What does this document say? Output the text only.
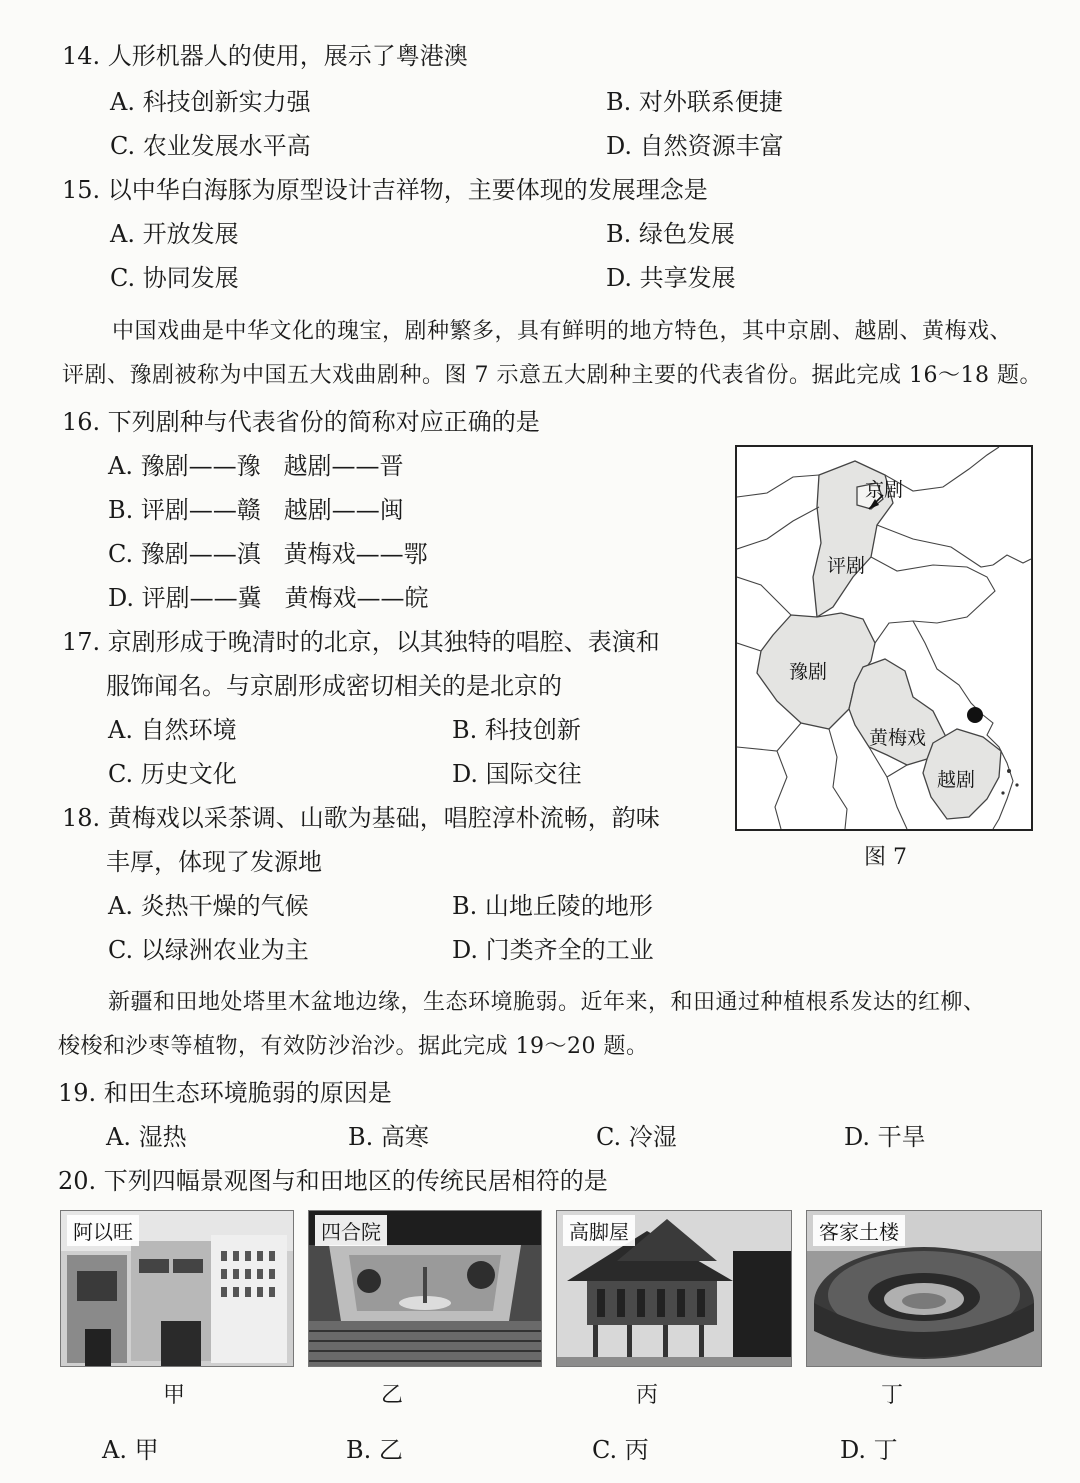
14. 人形机器人的使用，展示了粤港澳
A. 科技创新实力强	B. 对外联系便捷
C. 农业发展水平高	D. 自然资源丰富
15. 以中华白海豚为原型设计吉祥物，主要体现的发展理念是
A. 开放发展	B. 绿色发展
C. 协同发展	D. 共享发展
中国戏曲是中华文化的瑰宝，剧种繁多，具有鲜明的地方特色，其中京剧、越剧、黄梅戏、
评剧、豫剧被称为中国五大戏曲剧种。图 7 示意五大剧种主要的代表省份。据此完成 16～18 题。
16. 下列剧种与代表省份的简称对应正确的是
A. 豫剧——豫   越剧——晋
B. 评剧——赣   越剧——闽
C. 豫剧——滇   黄梅戏——鄂
D. 评剧——冀   黄梅戏——皖
17. 京剧形成于晚清时的北京，以其独特的唱腔、表演和
服饰闻名。与京剧形成密切相关的是北京的
A. 自然环境	B. 科技创新
C. 历史文化	D. 国际交往
18. 黄梅戏以采茶调、山歌为基础，唱腔淳朴流畅，韵味
丰厚，体现了发源地
A. 炎热干燥的气候	B. 山地丘陵的地形
C. 以绿洲农业为主	D. 门类齐全的工业
京剧
评剧
豫剧
黄梅戏
越剧
图 7
新疆和田地处塔里木盆地边缘，生态环境脆弱。近年来，和田通过种植根系发达的红柳、
梭梭和沙枣等植物，有效防沙治沙。据此完成 19～20 题。
19. 和田生态环境脆弱的原因是
A. 湿热	B. 高寒	C. 冷湿	D. 干旱
20. 下列四幅景观图与和田地区的传统民居相符的是
阿以旺	四合院	高脚屋	客家土楼
甲	乙	丙	丁
A. 甲	B. 乙	C. 丙	D. 丁
